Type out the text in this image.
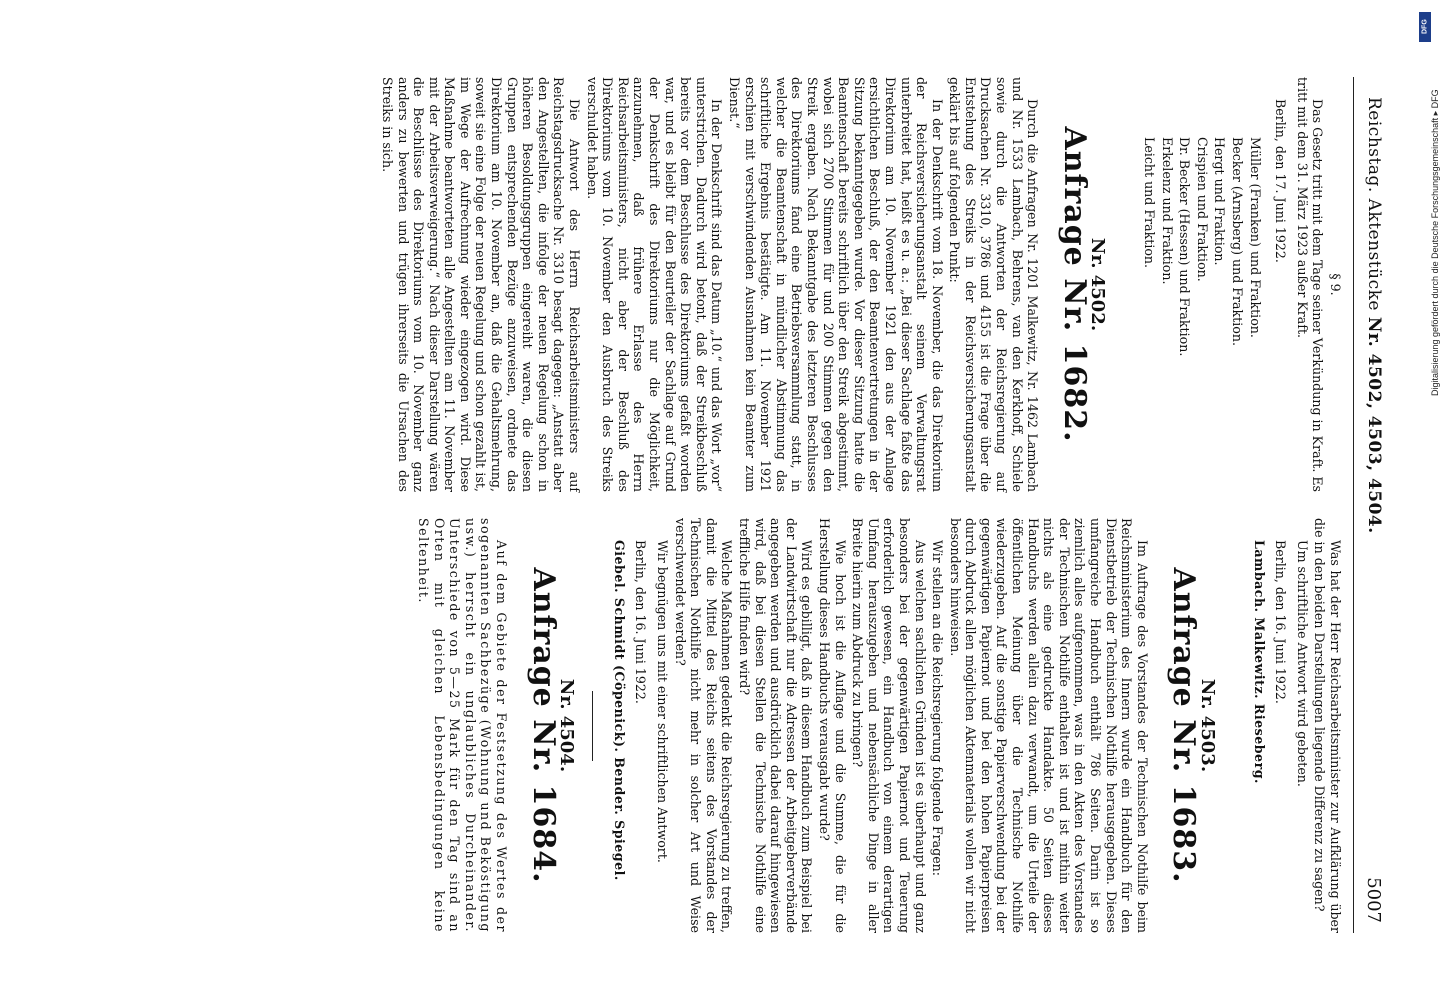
Reichstag. Aktenstücke Nr. 4502, 4503, 4504.
5007

§ 9.

Das Gesetz tritt mit dem Tage seiner Verkündung in Kraft. Es tritt mit dem 31. März 1923 außer Kraft.

Berlin, den 17. Juni 1922.

Müller (Franken) und Fraktion.

Becker (Arnsberg) und Fraktion.

Hergt und Fraktion.

Crispien und Fraktion.

Dr. Becker (Hessen) und Fraktion.

Erkelenz und Fraktion.

Leicht und Fraktion.

Nr. 4502.
Anfrage Nr. 1682.

Durch die Anfragen Nr. 1201 Malkewitz, Nr. 1462 Lambach und Nr. 1533 Lambach, Behrens, van den Kerkhoff, Schiele sowie durch die Antworten der Reichsregierung auf Drucksachen Nr. 3310, 3786 und 4155 ist die Frage über die Entstehung des Streiks in der Reichsversicherungsanstalt geklärt bis auf folgenden Punkt:

In der Denkschrift vom 18. November, die das Direktorium der Reichsversicherungsanstalt seinem Verwaltungsrat unterbreitet hat, heißt es u. a.: „Bei dieser Sachlage faßte das Direktorium am 10. November 1921 den aus der Anlage ersichtlichen Beschluß, der den Beamtenvertretungen in der Sitzung bekanntgegeben wurde. Vor dieser Sitzung hatte die Beamtenschaft bereits schriftlich über den Streik abgestimmt, wobei sich 2700 Stimmen für und 200 Stimmen gegen den Streik ergaben. Nach Bekanntgabe des letzteren Beschlusses des Direktoriums fand eine Betriebsversammlung statt, in welcher die Beamtenschaft in mündlicher Abstimmung das schriftliche Ergebnis bestätigte. Am 11. November 1921 erschien mit verschwindenden Ausnahmen kein Beamter zum Dienst.“

In der Denkschrift sind das Datum „10.“ und das Wort „vor“ unterstrichen. Dadurch wird betont, daß der Streikbeschluß bereits vor dem Beschlusse des Direktoriums gefaßt worden war, und es bleibt für den Beurteiler der Sachlage auf Grund der Denkschrift des Direktoriums nur die Möglichkeit, anzunehmen, daß frühere Erlasse des Herrn Reichsarbeitsministers, nicht aber der Beschluß des Direktoriums vom 10. November den Ausbruch des Streiks verschuldet haben.

Die Antwort des Herrn Reichsarbeitsministers auf Reichstagsdrucksache Nr. 3310 besagt dagegen: „Anstatt aber den Angestellten, die infolge der neuen Regelung schon in höheren Besoldungsgruppen eingereiht waren, die diesen Gruppen entsprechenden Bezüge anzuweisen, ordnete das Direktorium am 10. November an, daß die Gehaltsmehrung, soweit sie eine Folge der neuen Regelung und schon gezahlt ist, im Wege der Aufrechnung wieder eingezogen wird. Diese Maßnahme beantworteten alle Angestellten am 11. November mit der Arbeitsverweigerung.“ Nach dieser Darstellung wären die Beschlüsse des Direktoriums vom 10. November ganz anders zu bewerten und trügen ihrerseits die Ursachen des Streiks in sich.

Was hat der Herr Reichsarbeitsminister zur Aufklärung über die in den beiden Darstellungen liegende Differenz zu sagen?

Um schriftliche Antwort wird gebeten.

Berlin, den 16. Juni 1922.

Lambach. Malkewitz. Rieseberg.

Nr. 4503.
Anfrage Nr. 1683.

Im Auftrage des Vorstandes der Technischen Nothilfe beim Reichsministerium des Innern wurde ein Handbuch für den Dienstbetrieb der Technischen Nothilfe herausgegeben. Dieses umfangreiche Handbuch enthält 786 Seiten. Darin ist so ziemlich alles aufgenommen, was in den Akten des Vorstandes der Technischen Nothilfe enthalten ist und ist mithin weiter nichts als eine gedruckte Handakte. 50 Seiten dieses Handbuchs werden allein dazu verwandt, um die Urteile der öffentlichen Meinung über die Technische Nothilfe wiederzugeben. Auf die sonstige Papierverschwendung bei der gegenwärtigen Papiernot und bei den hohen Papierpreisen durch Abdruck allen möglichen Aktenmaterials wollen wir nicht besonders hinweisen.

Wir stellen an die Reichsregierung folgende Fragen:

Aus welchen sachlichen Gründen ist es überhaupt und ganz besonders bei der gegenwärtigen Papiernot und Teuerung erforderlich gewesen, ein Handbuch von einem derartigen Umfang herauszugeben und nebensächliche Dinge in aller Breite hierin zum Abdruck zu bringen?

Wie hoch ist die Auflage und die Summe, die für die Herstellung dieses Handbuchs verausgabt wurde?

Wird es gebilligt, daß in diesem Handbuch zum Beispiel bei der Landwirtschaft nur die Adressen der Arbeitgeberverbände angegeben werden und ausdrücklich dabei darauf hingewiesen wird, daß bei diesen Stellen die Technische Nothilfe eine treffliche Hilfe finden wird?

Welche Maßnahmen gedenkt die Reichsregierung zu treffen, damit die Mittel des Reichs seitens des Vorstandes der Technischen Nothilfe nicht mehr in solcher Art und Weise verschwendet werden?

Wir begnügen uns mit einer schriftlichen Antwort.

Berlin, den 16. Juni 1922.

Giebel. Schmidt (Cöpenick). Bender. Spiegel.

Nr. 4504.
Anfrage Nr. 1684.

Auf dem Gebiete der Festsetzung des Wertes der sogenannten Sachbezüge (Wohnung und Beköstigung usw.) herrscht ein unglaubliches Durcheinander. Unterschiede von 5—25 Mark für den Tag sind an Orten mit gleichen Lebensbedingungen keine Seltenheit.

Digitalisierung gefördert durch die Deutsche Forschungsgemeinschaft ▸ DFG
DFG
